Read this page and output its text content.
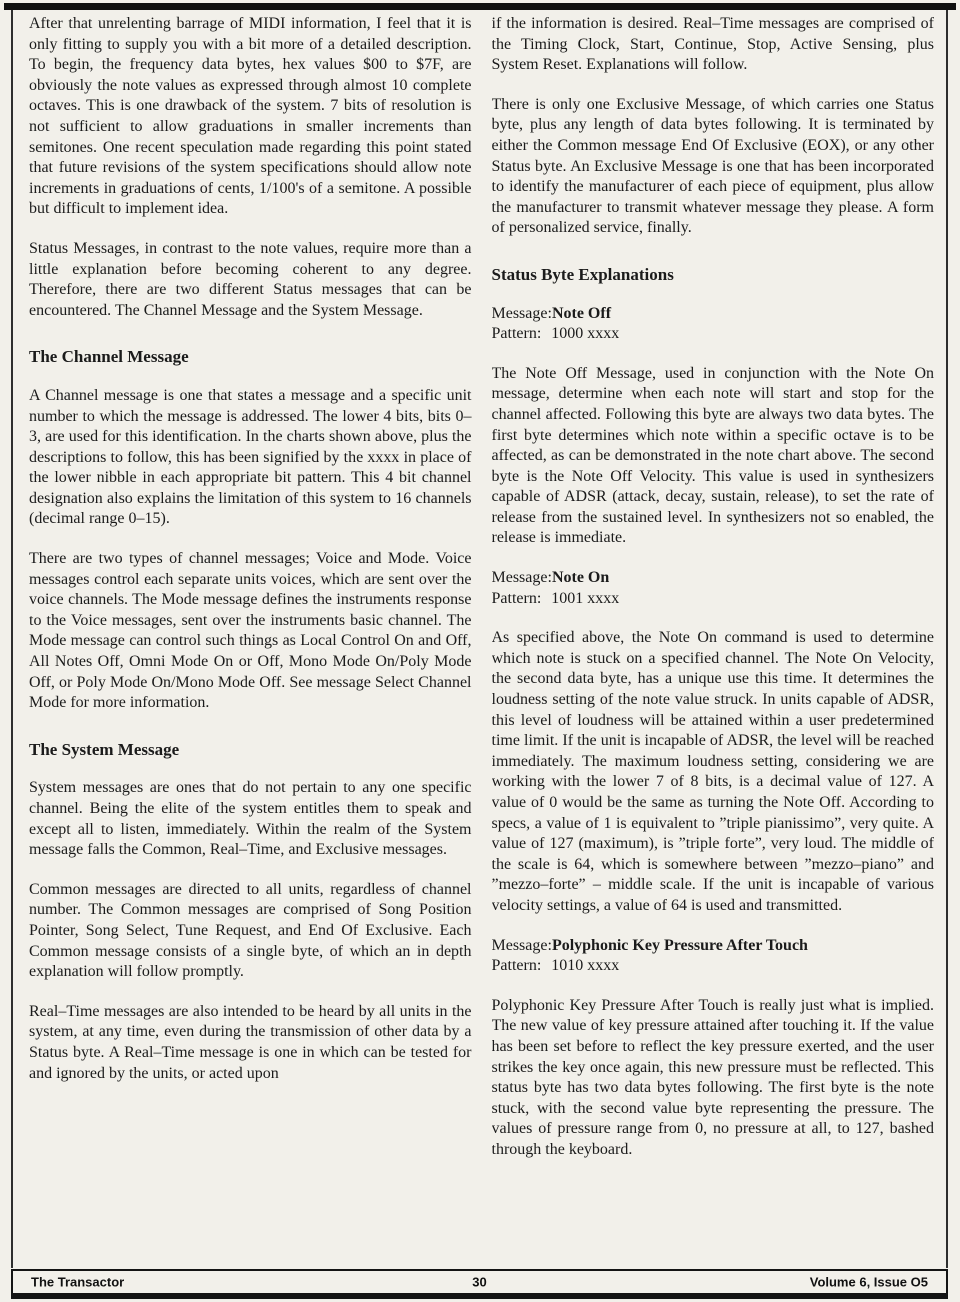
After that unrelenting barrage of MIDI information, I feel that it is only fitting to supply you with a bit more of a detailed description. To begin, the frequency data bytes, hex values $00 to $7F, are obviously the note values as expressed through almost 10 complete octaves. This is one drawback of the system. 7 bits of resolution is not sufficient to allow graduations in smaller increments than semitones. One recent speculation made regarding this point stated that future revisions of the system specifications should allow note increments in graduations of cents, 1/100's of a semitone. A possible but difficult to implement idea.

Status Messages, in contrast to the note values, require more than a little explanation before becoming coherent to any degree. Therefore, there are two different Status messages that can be encountered. The Channel Message and the System Message.

The Channel Message

A Channel message is one that states a message and a specific unit number to which the message is addressed. The lower 4 bits, bits 0–3, are used for this identification. In the charts shown above, plus the descriptions to follow, this has been signified by the xxxx in place of the lower nibble in each appropriate bit pattern. This 4 bit channel designation also explains the limitation of this system to 16 channels (decimal range 0–15).

There are two types of channel messages; Voice and Mode. Voice messages control each separate units voices, which are sent over the voice channels. The Mode message defines the instruments response to the Voice messages, sent over the instruments basic channel. The Mode message can control such things as Local Control On and Off, All Notes Off, Omni Mode On or Off, Mono Mode On/Poly Mode Off, or Poly Mode On/Mono Mode Off. See message Select Channel Mode for more information.

The System Message

System messages are ones that do not pertain to any one specific channel. Being the elite of the system entitles them to speak and except all to listen, immediately. Within the realm of the System message falls the Common, Real–Time, and Exclusive messages.

Common messages are directed to all units, regardless of channel number. The Common messages are comprised of Song Position Pointer, Song Select, Tune Request, and End Of Exclusive. Each Common message consists of a single byte, of which an in depth explanation will follow promptly.

Real–Time messages are also intended to be heard by all units in the system, at any time, even during the transmission of other data by a Status byte. A Real–Time message is one in which can be tested for and ignored by the units, or acted upon

if the information is desired. Real–Time messages are comprised of the Timing Clock, Start, Continue, Stop, Active Sensing, plus System Reset. Explanations will follow.

There is only one Exclusive Message, of which carries one Status byte, plus any length of data bytes following. It is terminated by either the Common message End Of Exclusive (EOX), or any other Status byte. An Exclusive Message is one that has been incorporated to identify the manufacturer of each piece of equipment, plus allow the manufacturer to transmit whatever message they please. A form of personalized service, finally.

Status Byte Explanations
Message:Note Off
Pattern: 1000 xxxx

The Note Off Message, used in conjunction with the Note On message, determine when each note will start and stop for the channel affected. Following this byte are always two data bytes. The first byte determines which note within a specific octave is to be affected, as can be demonstrated in the note chart above. The second byte is the Note Off Velocity. This value is used in synthesizers capable of ADSR (attack, decay, sustain, release), to set the rate of release from the sustained level. In synthesizers not so enabled, the release is immediate.

Message:Note On
Pattern: 1001 xxxx

As specified above, the Note On command is used to determine which note is stuck on a specified channel. The Note On Velocity, the second data byte, has a unique use this time. It determines the loudness setting of the note value struck. In units capable of ADSR, this level of loudness will be attained within a user predetermined time limit. If the unit is incapable of ADSR, the level will be reached immediately. The maximum loudness setting, considering we are working with the lower 7 of 8 bits, is a decimal value of 127. A value of 0 would be the same as turning the Note Off. According to specs, a value of 1 is equivalent to ”triple pianissimo”, very quite. A value of 127 (maximum), is ”triple forte”, very loud. The middle of the scale is 64, which is somewhere between ”mezzo–piano” and ”mezzo–forte” – middle scale. If the unit is incapable of various velocity settings, a value of 64 is used and transmitted.

Message:Polyphonic Key Pressure After Touch
Pattern: 1010 xxxx

Polyphonic Key Pressure After Touch is really just what is implied. The new value of key pressure attained after touching it. If the value has been set before to reflect the key pressure exerted, and the user strikes the key once again, this new pressure must be reflected. This status byte has two data bytes following. The first byte is the note stuck, with the second value byte representing the pressure. The values of pressure range from 0, no pressure at all, to 127, bashed through the keyboard.

The Transactor	30	Volume 6, Issue O5
